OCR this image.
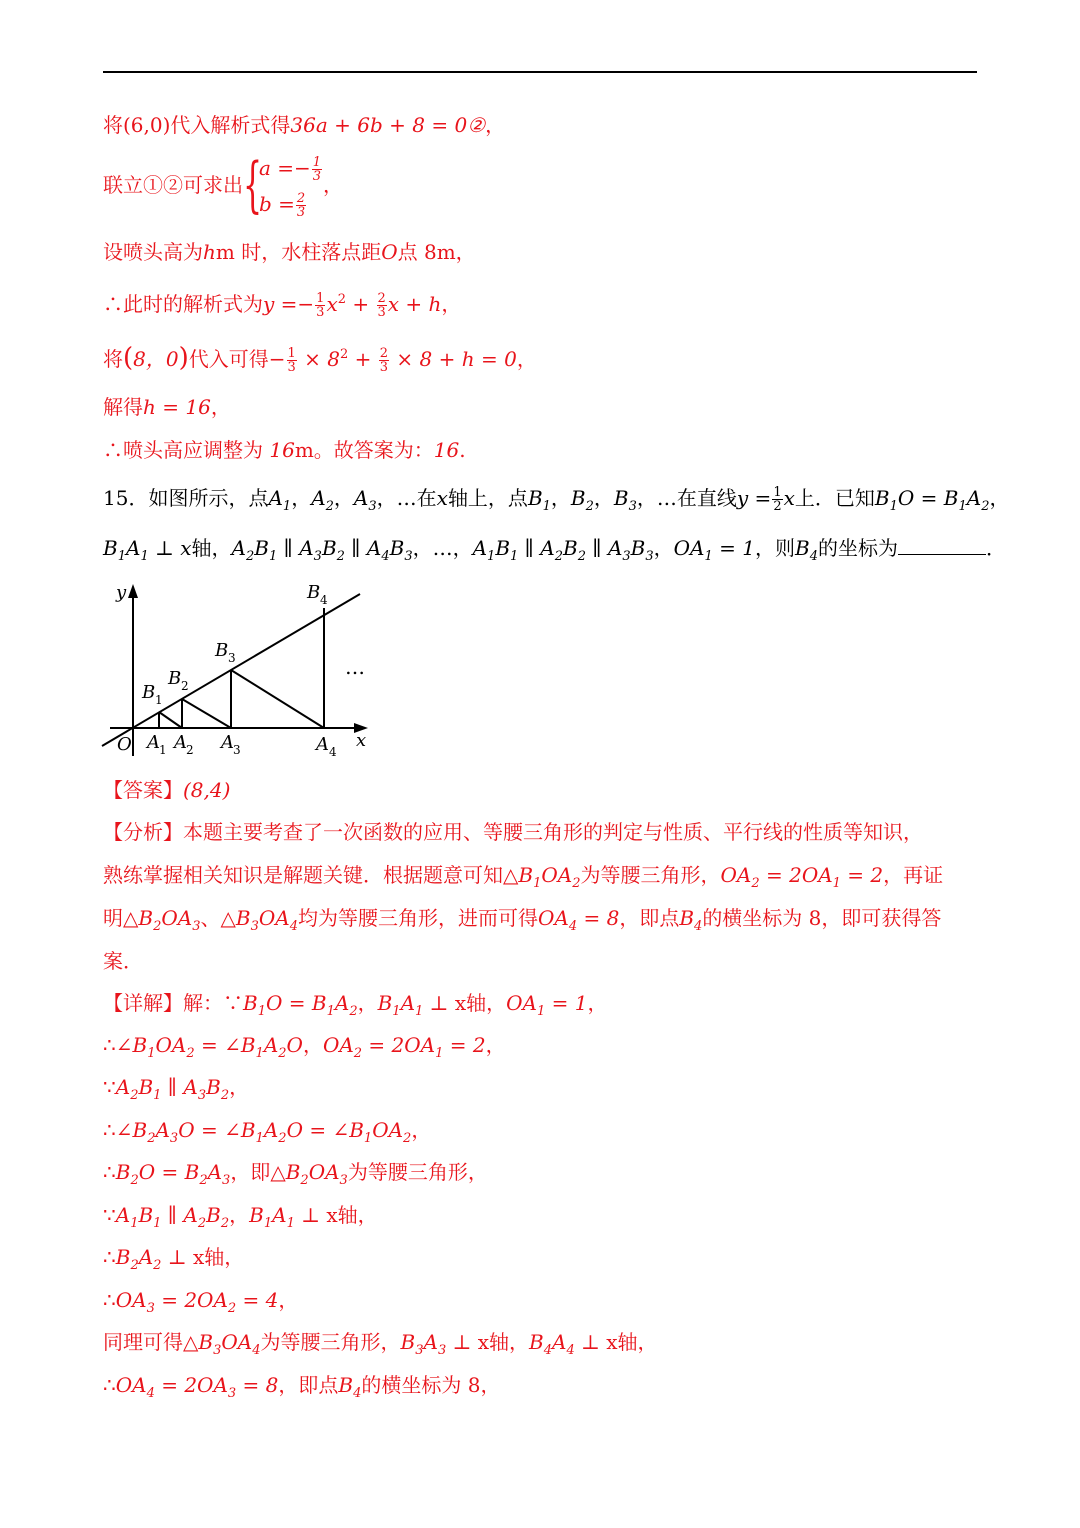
将(6,0)代入解析式得36a + 6b + 8 = 0②，
联立①②可求出 {
$a =- \frac{1}{3}$
$b = \frac{2}{3}$
，
设喷头高为hm 时，水柱落点距O点 8m，
∴此时的解析式为$y =- \frac{1}{3} x^2 + \frac{2}{3}$ x + h，
将(8，0)代入可得− $\frac{1}{3} \times 8^2 + \frac{2}{3} \times 8 + h = 0$，
解得h = 16，
∴喷头高应调整为 16m。故答案为：16.
15．如图所示，点$A_1$，$A_2$，$A_3$，…在x轴上，点$B_1$，$B_2$，$B_3$，…在直线$y = \frac{1}{2}$ x上．已知$B_1O = B_1A_2$，
$B_1A_1$ ⊥ x轴，$A_2B_1$ ∥ $A_3B_2$ ∥ $A_4B_3$，…，$A_1B_1$ ∥ $A_2B_2$ ∥ $A_3B_3$，$OA_1 = 1$，则$B_4$的坐标为	．
y
x
O
B
B
B
B
A A A	A
1
2
3
4
1 2	3	4
…
【答案】(8,4)
【分析】本题主要考查了一次函数的应用、等腰三角形的判定与性质、平行线的性质等知识，
熟练掌握相关知识是解题关键．根据题意可知$\triangle B_1OA_2$为等腰三角形，$OA_2 = 2OA_1 = 2$，再证
明$\triangle B_2OA_3$、$\triangle B_3OA_4$均为等腰三角形，进而可得$OA_4 = 8$，即点$B_4$的横坐标为 8，即可获得答
案．
【详解】解：$\because B_1O = B_1A_2$，$B_1A_1$ ⊥ x轴，$OA_1 = 1$，
$\therefore\angle B_1OA_2$ = $\angle B_1A_2O$，$OA_2 = 2OA_1 = 2$，
$\because A_2B_1$ ∥ $A_3B_2$，
$\therefore\angle B_2A_3O$ = $\angle B_1A_2O$ = $\angle B_1OA_2$，
$\therefore B_2O = B_2A_3$，即$\triangle B_2OA_3$为等腰三角形，
$\because A_1B_1$ ∥ $A_2B_2$，$B_1A_1$ ⊥ x轴，
$\therefore B_2A_2$ ⊥ x轴，
$\therefore OA_3 = 2OA_2 = 4$，
同理可得$\triangle B_3OA_4$为等腰三角形，$B_3A_3$ ⊥ x轴，$B_4A_4$ ⊥ x轴，
$\therefore OA_4 = 2OA_3 = 8$，即点$B_4$的横坐标为 8，
